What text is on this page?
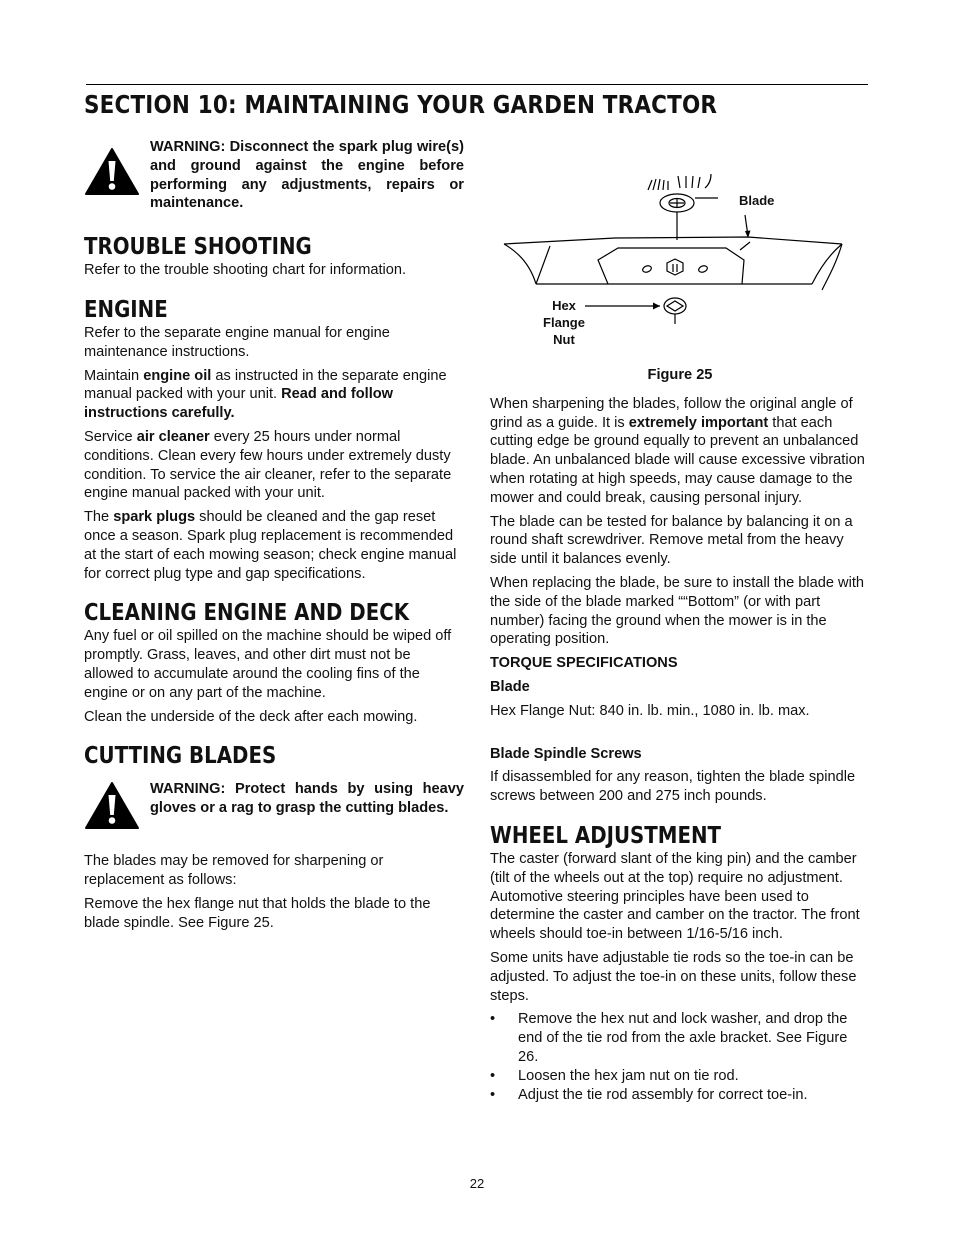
SECTION 10: MAINTAINING YOUR GARDEN TRACTOR
WARNING: Disconnect the spark plug wire(s) and ground against the engine before performing any adjustments, repairs or maintenance.
TROUBLE SHOOTING

Refer to the trouble shooting chart for information.

ENGINE

Refer to the separate engine manual for engine maintenance instructions.

Maintain engine oil as instructed in the separate engine manual packed with your unit. Read and follow instructions carefully.

Service air cleaner every 25 hours under normal conditions. Clean every few hours under extremely dusty condition. To service the air cleaner, refer to the separate engine manual packed with your unit.

The spark plugs should be cleaned and the gap reset once a season. Spark plug replacement is recommended at the start of each mowing season; check engine manual for correct plug type and gap specifications.

CLEANING ENGINE AND DECK

Any fuel or oil spilled on the machine should be wiped off promptly. Grass, leaves, and other dirt must not be allowed to accumulate around the cooling fins of the engine or on any part of the machine.

Clean the underside of the deck after each mowing.

CUTTING BLADES
WARNING: Protect hands by using heavy gloves or a rag to grasp the cutting blades.

The blades may be removed for sharpening or replacement as follows:

Remove the hex flange nut that holds the blade to the blade spindle. See Figure 25.

Blade
Hex
Flange
Nut
Figure 25

When sharpening the blades, follow the original angle of grind as a guide. It is extremely important that each cutting edge be ground equally to prevent an unbalanced blade. An unbalanced blade will cause excessive vibration when rotating at high speeds, may cause damage to the mower and could break, causing personal injury.

The blade can be tested for balance by balancing it on a round shaft screwdriver. Remove metal from the heavy side until it balances evenly.

When replacing the blade, be sure to install the blade with the side of the blade marked ““Bottom” (or with part number) facing the ground when the mower is in the operating position.

TORQUE SPECIFICATIONS

Blade

Hex Flange Nut: 840 in. lb. min., 1080 in. lb. max.

Blade Spindle Screws

If disassembled for any reason, tighten the blade spindle screws between 200 and 275 inch pounds.

WHEEL ADJUSTMENT

The caster (forward slant of the king pin) and the camber (tilt of the wheels out at the top) require no adjustment. Automotive steering principles have been used to determine the caster and camber on the tractor. The front wheels should toe-in between 1/16-5/16 inch.

Some units have adjustable tie rods so the toe-in can be adjusted. To adjust the toe-in on these units, follow these steps.

• Remove the hex nut and lock washer, and drop the end of the tie rod from the axle bracket. See Figure 26.
• Loosen the hex jam nut on tie rod.
• Adjust the tie rod assembly for correct toe-in.
22
